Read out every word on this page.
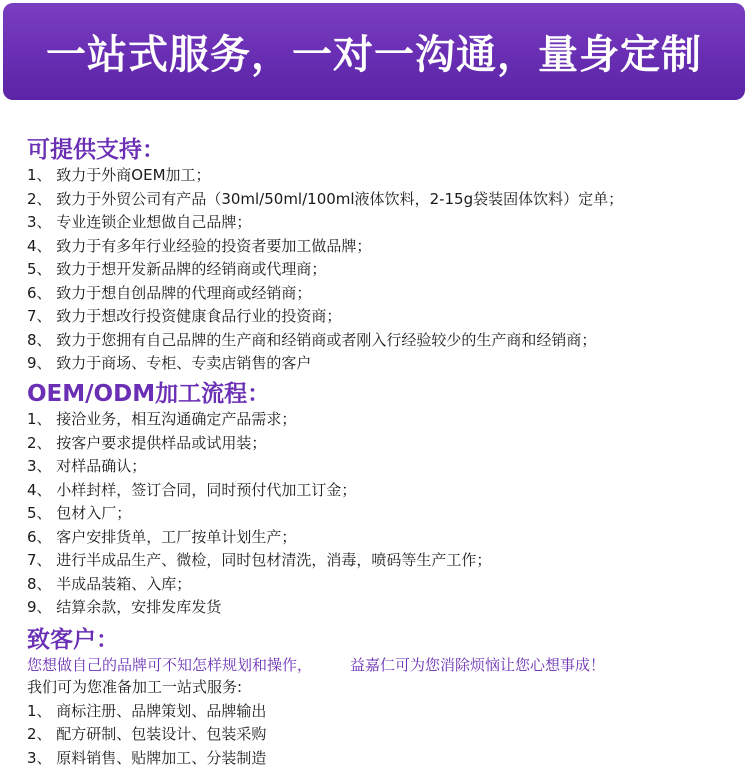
一站式服务，一对一沟通，量身定制
可提供支持：
1、 致力于外商OEM加工；
2、 致力于外贸公司有产品（30ml/50ml/100ml液体饮料，2-15g袋装固体饮料）定单；
3、 专业连锁企业想做自己品牌；
4、 致力于有多年行业经验的投资者要加工做品牌；
5、 致力于想开发新品牌的经销商或代理商；
6、 致力于想自创品牌的代理商或经销商；
7、 致力于想改行投资健康食品行业的投资商；
8、 致力于您拥有自己品牌的生产商和经销商或者刚入行经验较少的生产商和经销商；
9、 致力于商场、专柜、专卖店销售的客户
OEM/ODM加工流程：
1、 接洽业务，相互沟通确定产品需求；
2、 按客户要求提供样品或试用装；
3、 对样品确认；
4、 小样封样，签订合同，同时预付代加工订金；
5、 包材入厂；
6、 客户安排货单，工厂按单计划生产；
7、 进行半成品生产、微检，同时包材清洗，消毒，喷码等生产工作；
8、 半成品装箱、入库；
9、 结算余款，安排发库发货
致客户：
您想做自己的品牌可不知怎样规划和操作，	益嘉仁可为您消除烦恼让您心想事成！
我们可为您准备加工一站式服务:
1、 商标注册、品牌策划、品牌输出
2、 配方研制、包装设计、包装采购
3、 原料销售、贴牌加工、分装制造
